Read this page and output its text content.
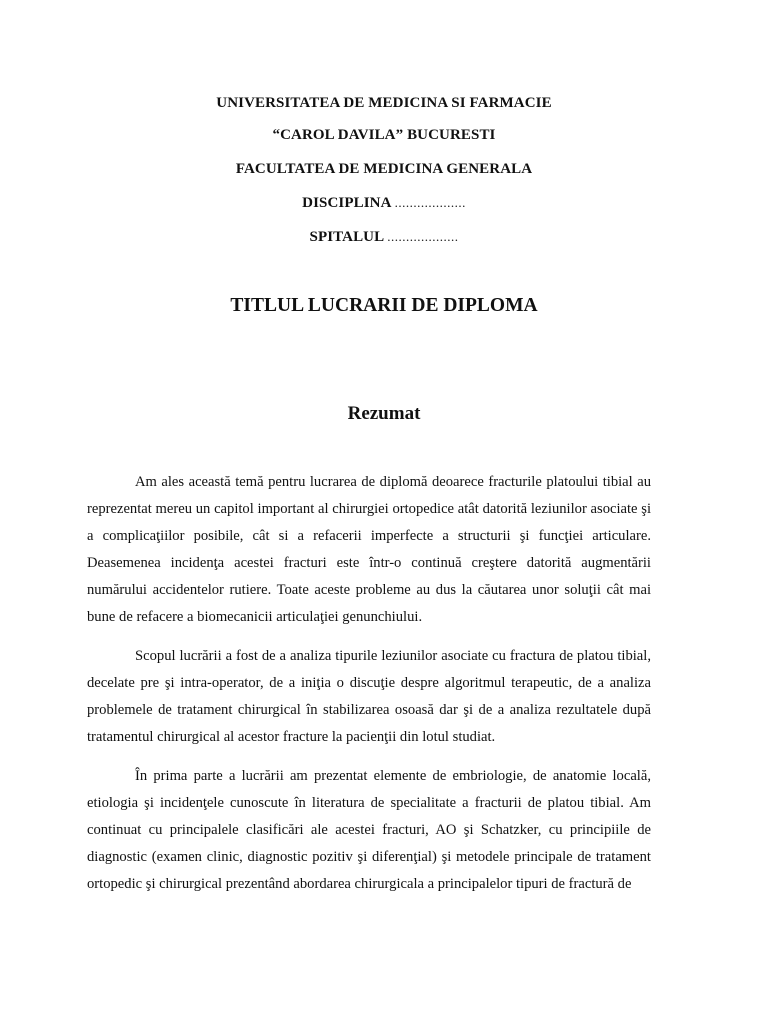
UNIVERSITATEA DE MEDICINA SI FARMACIE
“CAROL DAVILA” BUCURESTI
FACULTATEA DE MEDICINA GENERALA
DISCIPLINA ...................
SPITALUL ...................
TITLUL LUCRARII DE DIPLOMA
Rezumat

Am ales această temă pentru lucrarea de diplomă deoarece fracturile platoului tibial au reprezentat mereu un capitol important al chirurgiei ortopedice atât datorită leziunilor asociate şi a complicaţiilor posibile, cât si a refacerii imperfecte a structurii şi funcţiei articulare. Deasemenea incidenţa acestei fracturi este într-o continuă creştere datorită augmentării numărului accidentelor rutiere. Toate aceste probleme au dus la căutarea unor soluţii cât mai bune de refacere a biomecanicii articulaţiei genunchiului.

Scopul lucrării a fost de a analiza tipurile leziunilor asociate cu fractura de platou tibial, decelate pre şi intra-operator, de a iniţia o discuţie despre algoritmul terapeutic, de a analiza problemele de tratament chirurgical în stabilizarea osoasă dar şi de a analiza rezultatele după tratamentul chirurgical al acestor fracture la pacienţii din lotul studiat.

În prima parte a lucrării am prezentat elemente de embriologie, de anatomie locală, etiologia şi incidenţele cunoscute în literatura de specialitate a fracturii de platou tibial. Am continuat cu principalele clasificări ale acestei fracturi, AO şi Schatzker, cu principiile de diagnostic (examen clinic, diagnostic pozitiv şi diferenţial) şi metodele principale de tratament ortopedic şi chirurgical prezentând abordarea chirurgicala a principalelor tipuri de fractură de
